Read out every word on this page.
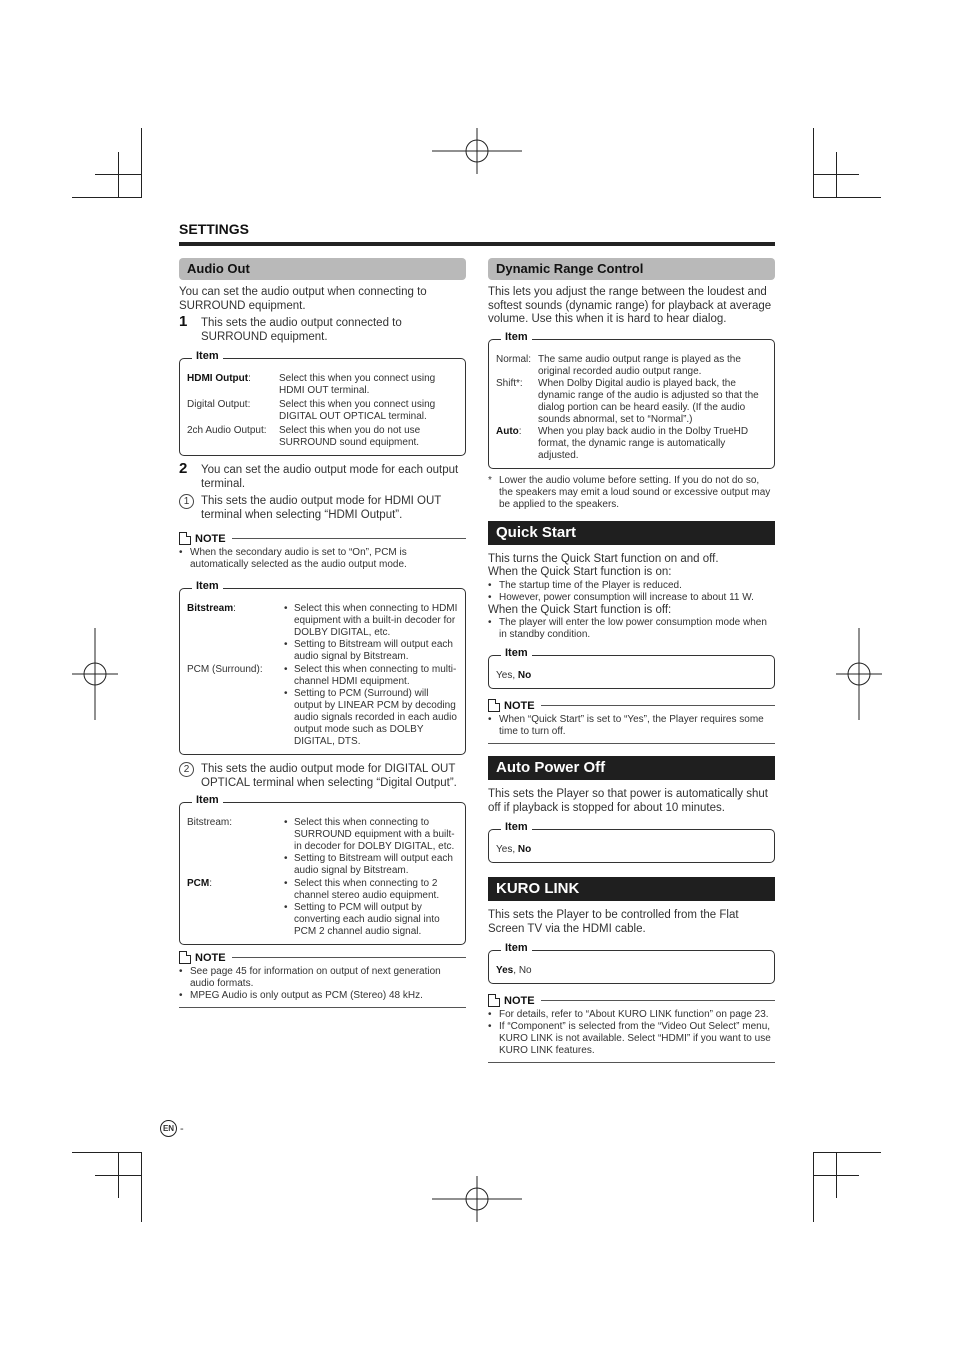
SETTINGS
Audio Out

You can set the audio output when connecting to SURROUND equipment.

1 This sets the audio output connected to SURROUND equipment.
Item
HDMI Output:	Select this when you connect using HDMI OUT terminal.
Digital Output:	Select this when you connect using DIGITAL OUT OPTICAL terminal.
2ch Audio Output:	Select this when you do not use SURROUND sound equipment.
2 You can set the audio output mode for each output terminal.
1	This sets the audio output mode for HDMI OUT terminal when selecting “HDMI Output”.
NOTE
• When the secondary audio is set to “On”, PCM is automatically selected as the audio output mode.
Item
Bitstream:	• Select this when connecting to HDMI equipment with a built-in decoder for DOLBY DIGITAL, etc.
• Setting to Bitstream will output each audio signal by Bitstream.
PCM (Surround):	• Select this when connecting to multi-channel HDMI equipment.
• Setting to PCM (Surround) will output by LINEAR PCM by decoding audio signals recorded in each audio output mode such as DOLBY DIGITAL, DTS.
2	This sets the audio output mode for DIGITAL OUT OPTICAL terminal when selecting “Digital Output”.
Item
Bitstream:	• Select this when connecting to SURROUND equipment with a built-in decoder for DOLBY DIGITAL, etc.
• Setting to Bitstream will output each audio signal by Bitstream.
PCM:	• Select this when connecting to 2 channel stereo audio equipment.
• Setting to PCM will output by converting each audio signal into PCM 2 channel audio signal.
NOTE
• See page 45 for information on output of next generation audio formats.
• MPEG Audio is only output as PCM (Stereo) 48 kHz.
Dynamic Range Control

This lets you adjust the range between the loudest and softest sounds (dynamic range) for playback at average volume. Use this when it is hard to hear dialog.

Item
Normal: The same audio output range is played as the original recorded audio output range.
Shift*:	When Dolby Digital audio is played back, the dynamic range of the audio is adjusted so that the dialog portion can be heard easily. (If the audio sounds abnormal, set to “Normal”.)
Auto:	When you play back audio in the Dolby TrueHD format, the dynamic range is automatically adjusted.
* Lower the audio volume before setting. If you do not do so, the speakers may emit a loud sound or excessive output may be applied to the speakers.
Quick Start

This turns the Quick Start function on and off.

When the Quick Start function is on:

• The startup time of the Player is reduced.
• However, power consumption will increase to about 11 W.

When the Quick Start function is off:

• The player will enter the low power consumption mode when in standby condition.
Item
Yes , No
NOTE
• When “Quick Start” is set to “Yes”, the Player requires some time to turn off.
Auto Power Off

This sets the Player so that power is automatically shut off if playback is stopped for about 10 minutes.

Item
Yes , No
KURO LINK

This sets the Player to be controlled from the Flat Screen TV via the HDMI cable.

Item
Yes , No
NOTE
• For details, refer to “About KURO LINK function” on page 23.
• If “Component” is selected from the “Video Out Select” menu, KURO LINK is not available. Select “HDMI” if you want to use KURO LINK features.
EN -
